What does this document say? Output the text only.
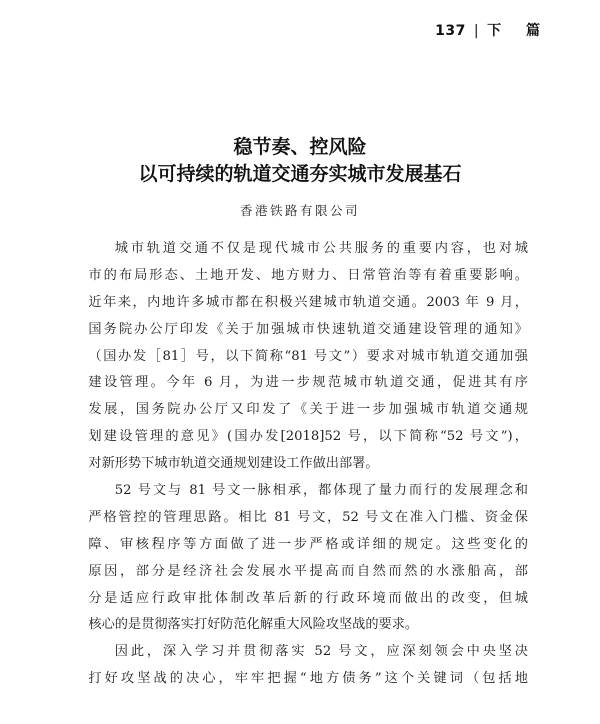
137 | 下 篇
稳节奏、控风险
以可持续的轨道交通夯实城市发展基石
香港铁路有限公司
城市轨道交通不仅是现代城市公共服务的重要内容，也对城
市的布局形态、土地开发、地方财力、日常管治等有着重要影响。
近年来，内地许多城市都在积极兴建城市轨道交通。2003 年 9 月，
国务院办公厅印发《关于加强城市快速轨道交通建设管理的通知》
（国办发［81］号，以下简称“81 号文”）要求对城市轨道交通加强
建设管理。今年 6 月，为进一步规范城市轨道交通，促进其有序
发展，国务院办公厅又印发了《关于进一步加强城市轨道交通规
划建设管理的意见》(国办发[2018]52 号，以下简称“52 号文”)，
对新形势下城市轨道交通规划建设工作做出部署。
52 号文与 81 号文一脉相承，都体现了量力而行的发展理念和
严格管控的管理思路。相比 81 号文，52 号文在准入门槛、资金保
障、审核程序等方面做了进一步严格或详细的规定。这些变化的
原因，部分是经济社会发展水平提高而自然而然的水涨船高，部
分是适应行政审批体制改革后新的行政环境而做出的改变，但城
核心的是贯彻落实打好防范化解重大风险攻坚战的要求。
因此，深入学习并贯彻落实 52 号文，应深刻领会中央坚决
打好攻坚战的决心，牢牢把握“地方债务”这个关键词（包括地
